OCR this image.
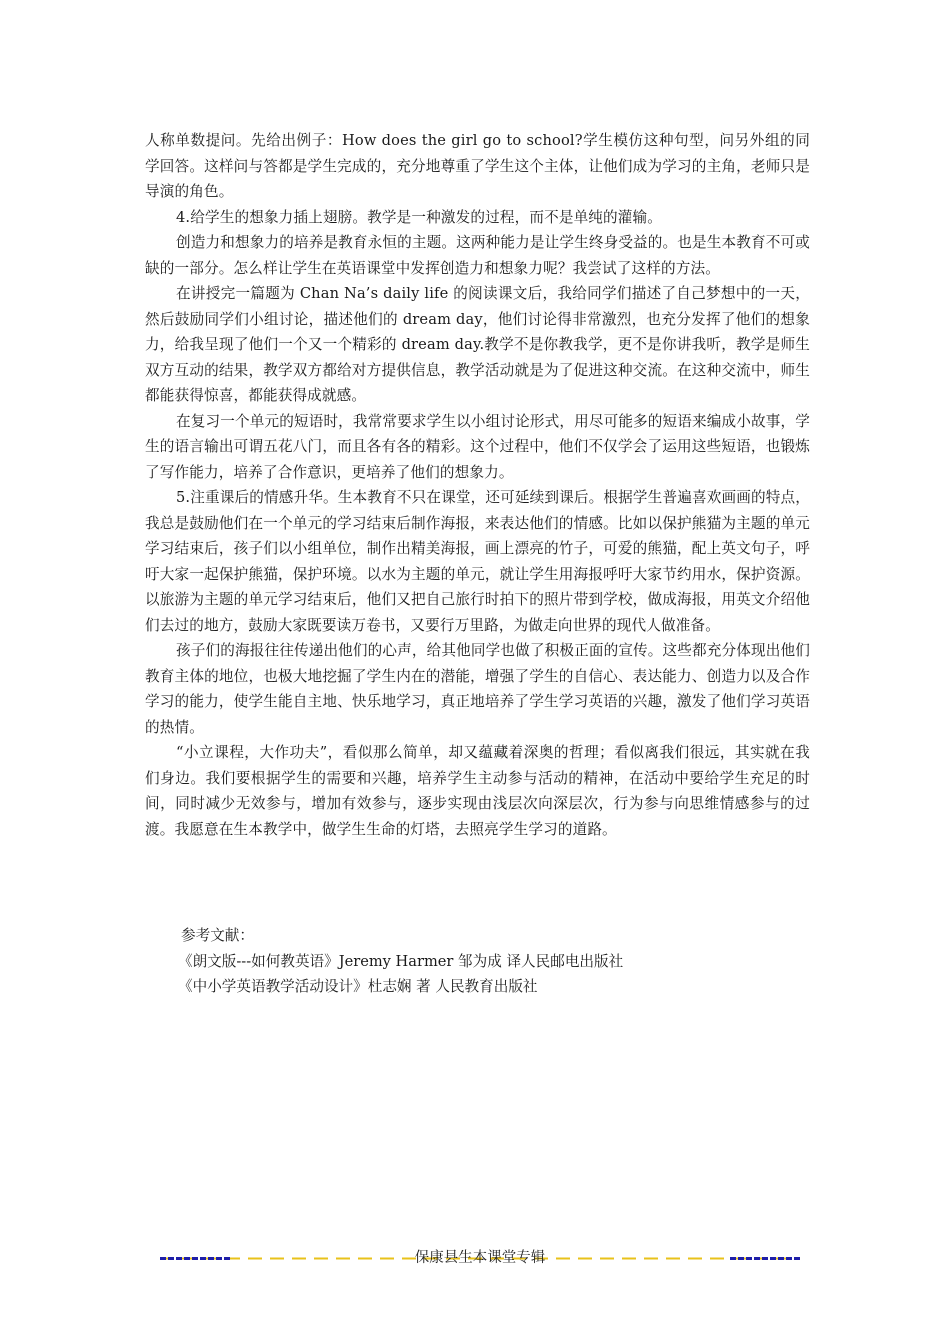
人称单数提问。先给出例子：How does the girl go to school?学生模仿这种句型，问另外组的同学回答。这样问与答都是学生完成的，充分地尊重了学生这个主体，让他们成为学习的主角，老师只是导演的角色。

4.给学生的想象力插上翅膀。教学是一种激发的过程，而不是单纯的灌输。

创造力和想象力的培养是教育永恒的主题。这两种能力是让学生终身受益的。也是生本教育不可或缺的一部分。怎么样让学生在英语课堂中发挥创造力和想象力呢？我尝试了这样的方法。

在讲授完一篇题为 Chan Na’s daily life 的阅读课文后，我给同学们描述了自己梦想中的一天，然后鼓励同学们小组讨论，描述他们的 dream day，他们讨论得非常激烈，也充分发挥了他们的想象力，给我呈现了他们一个又一个精彩的 dream day.教学不是你教我学，更不是你讲我听，教学是师生双方互动的结果，教学双方都给对方提供信息，教学活动就是为了促进这种交流。在这种交流中，师生都能获得惊喜，都能获得成就感。

在复习一个单元的短语时，我常常要求学生以小组讨论形式，用尽可能多的短语来编成小故事，学生的语言输出可谓五花八门，而且各有各的精彩。这个过程中，他们不仅学会了运用这些短语，也锻炼了写作能力，培养了合作意识，更培养了他们的想象力。

5.注重课后的情感升华。生本教育不只在课堂，还可延续到课后。根据学生普遍喜欢画画的特点，我总是鼓励他们在一个单元的学习结束后制作海报，来表达他们的情感。比如以保护熊猫为主题的单元学习结束后，孩子们以小组单位，制作出精美海报，画上漂亮的竹子，可爱的熊猫，配上英文句子，呼吁大家一起保护熊猫，保护环境。以水为主题的单元，就让学生用海报呼吁大家节约用水，保护资源。以旅游为主题的单元学习结束后，他们又把自己旅行时拍下的照片带到学校，做成海报，用英文介绍他们去过的地方，鼓励大家既要读万卷书，又要行万里路，为做走向世界的现代人做准备。

孩子们的海报往往传递出他们的心声，给其他同学也做了积极正面的宣传。这些都充分体现出他们教育主体的地位，也极大地挖掘了学生内在的潜能，增强了学生的自信心、表达能力、创造力以及合作学习的能力，使学生能自主地、快乐地学习，真正地培养了学生学习英语的兴趣，激发了他们学习英语的热情。

“小立课程，大作功夫”，看似那么简单，却又蕴藏着深奥的哲理；看似离我们很远，其实就在我们身边。我们要根据学生的需要和兴趣，培养学生主动参与活动的精神，在活动中要给学生充足的时间，同时减少无效参与，增加有效参与，逐步实现由浅层次向深层次，行为参与向思维情感参与的过渡。我愿意在生本教学中，做学生生命的灯塔，去照亮学生学习的道路。

参考文献：
《朗文版---如何教英语》Jeremy Harmer 邹为成 译人民邮电出版社
《中小学英语教学活动设计》杜志娴 著 人民教育出版社
保康县生本课堂专辑
